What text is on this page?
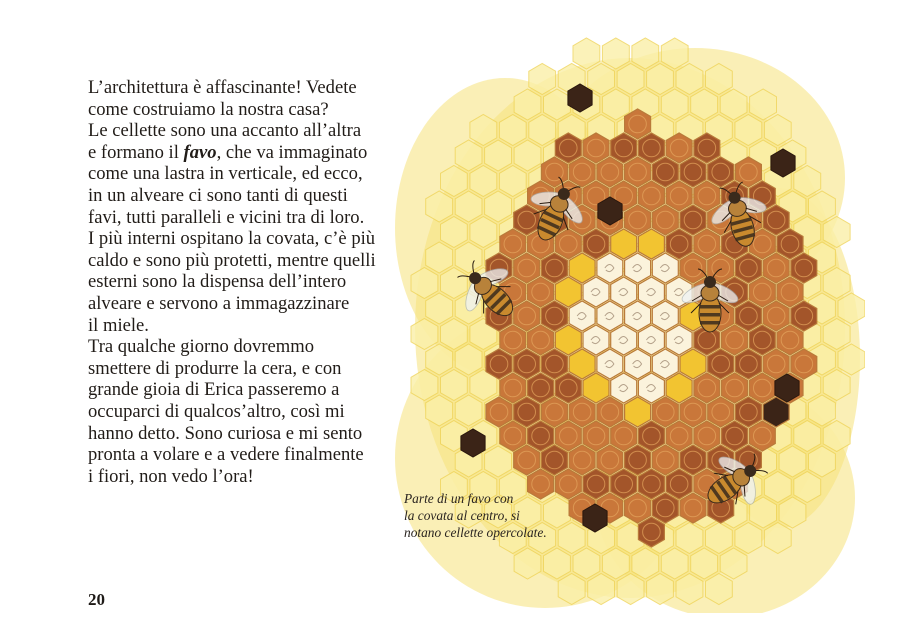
L’architettura è affascinante! Vedete
come costruiamo la nostra casa?
Le cellette sono una accanto all’altra
e formano il favo, che va immaginato
come una lastra in verticale, ed ecco,
in un alveare ci sono tanti di questi
favi, tutti paralleli e vicini tra di loro.
I più interni ospitano la covata, c’è più
caldo e sono più protetti, mentre quelli
esterni sono la dispensa dell’intero
alveare e servono a immagazzinare
il miele.
Tra qualche giorno dovremmo
smettere di produrre la cera, e con
grande gioia di Erica passeremo a
occuparci di qualcos’altro, così mi
hanno detto. Sono curiosa e mi sento
pronta a volare e a vedere finalmente
i fiori, non vedo l’ora!
Parte di un favo con
la covata al centro, si
notano cellette opercolate.
20
